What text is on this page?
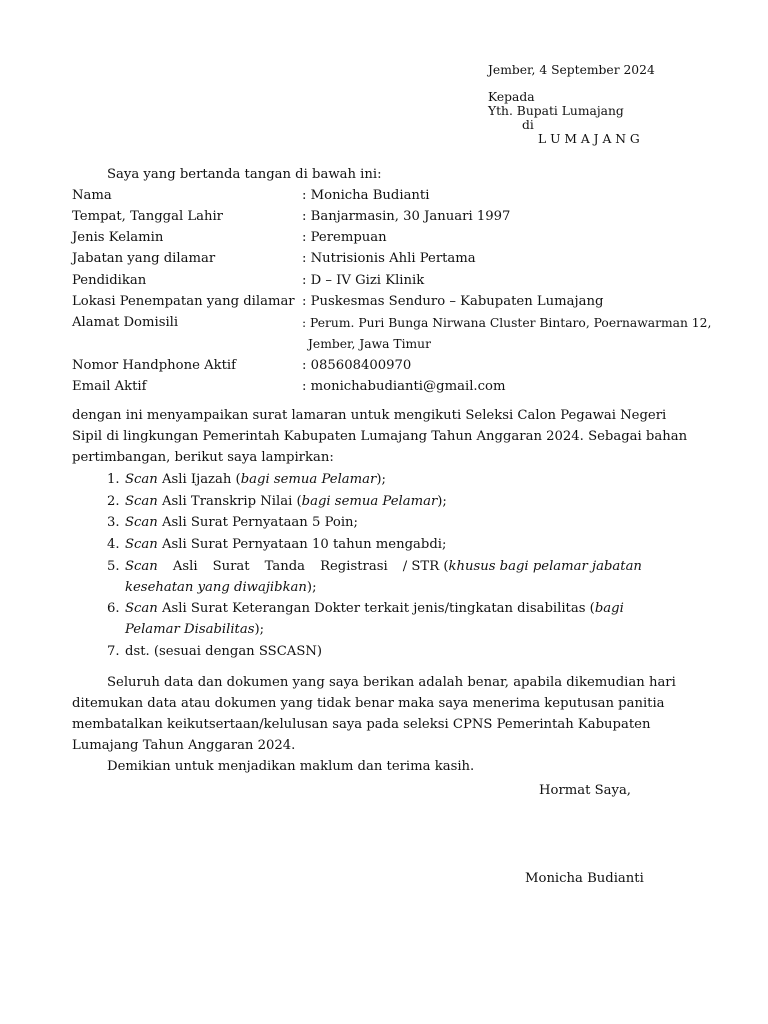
Jember, 4 September 2024
Kepada
Yth. Bupati Lumajang
di
L U M A J A N G
Saya yang bertanda tangan di bawah ini:
Nama	: Monicha Budianti
Tempat, Tanggal Lahir	: Banjarmasin, 30 Januari 1997
Jenis Kelamin	: Perempuan
Jabatan yang dilamar	: Nutrisionis Ahli Pertama
Pendidikan	: D – IV Gizi Klinik
Lokasi Penempatan yang dilamar : Puskesmas Senduro – Kabupaten Lumajang
Alamat Domisili	: Perum. Puri Bunga Nirwana Cluster Bintaro, Poernawarman 12,
Jember, Jawa Timur
Nomor Handphone Aktif	: 085608400970
Email Aktif	: monichabudianti@gmail.com
dengan ini menyampaikan surat lamaran untuk mengikuti Seleksi Calon Pegawai Negeri
Sipil di lingkungan Pemerintah Kabupaten Lumajang Tahun Anggaran 2024. Sebagai bahan
pertimbangan, berikut saya lampirkan:
1. Scan Asli Ijazah (bagi semua Pelamar);
2. Scan Asli Transkrip Nilai (bagi semua Pelamar);
3. Scan Asli Surat Pernyataan 5 Poin;
4. Scan Asli Surat Pernyataan 10 tahun mengabdi;
5. Scan Asli Surat Tanda Registrasi / STR (khusus bagi pelamar jabatan
kesehatan yang diwajibkan);
6. Scan Asli Surat Keterangan Dokter terkait jenis/tingkatan disabilitas (bagi
Pelamar Disabilitas);
7. dst. (sesuai dengan SSCASN)
Seluruh data dan dokumen yang saya berikan adalah benar, apabila dikemudian hari
ditemukan data atau dokumen yang tidak benar maka saya menerima keputusan panitia
membatalkan keikutsertaan/kelulusan saya pada seleksi CPNS Pemerintah Kabupaten
Lumajang Tahun Anggaran 2024.
Demikian untuk menjadikan maklum dan terima kasih.
Hormat Saya,
Monicha Budianti
